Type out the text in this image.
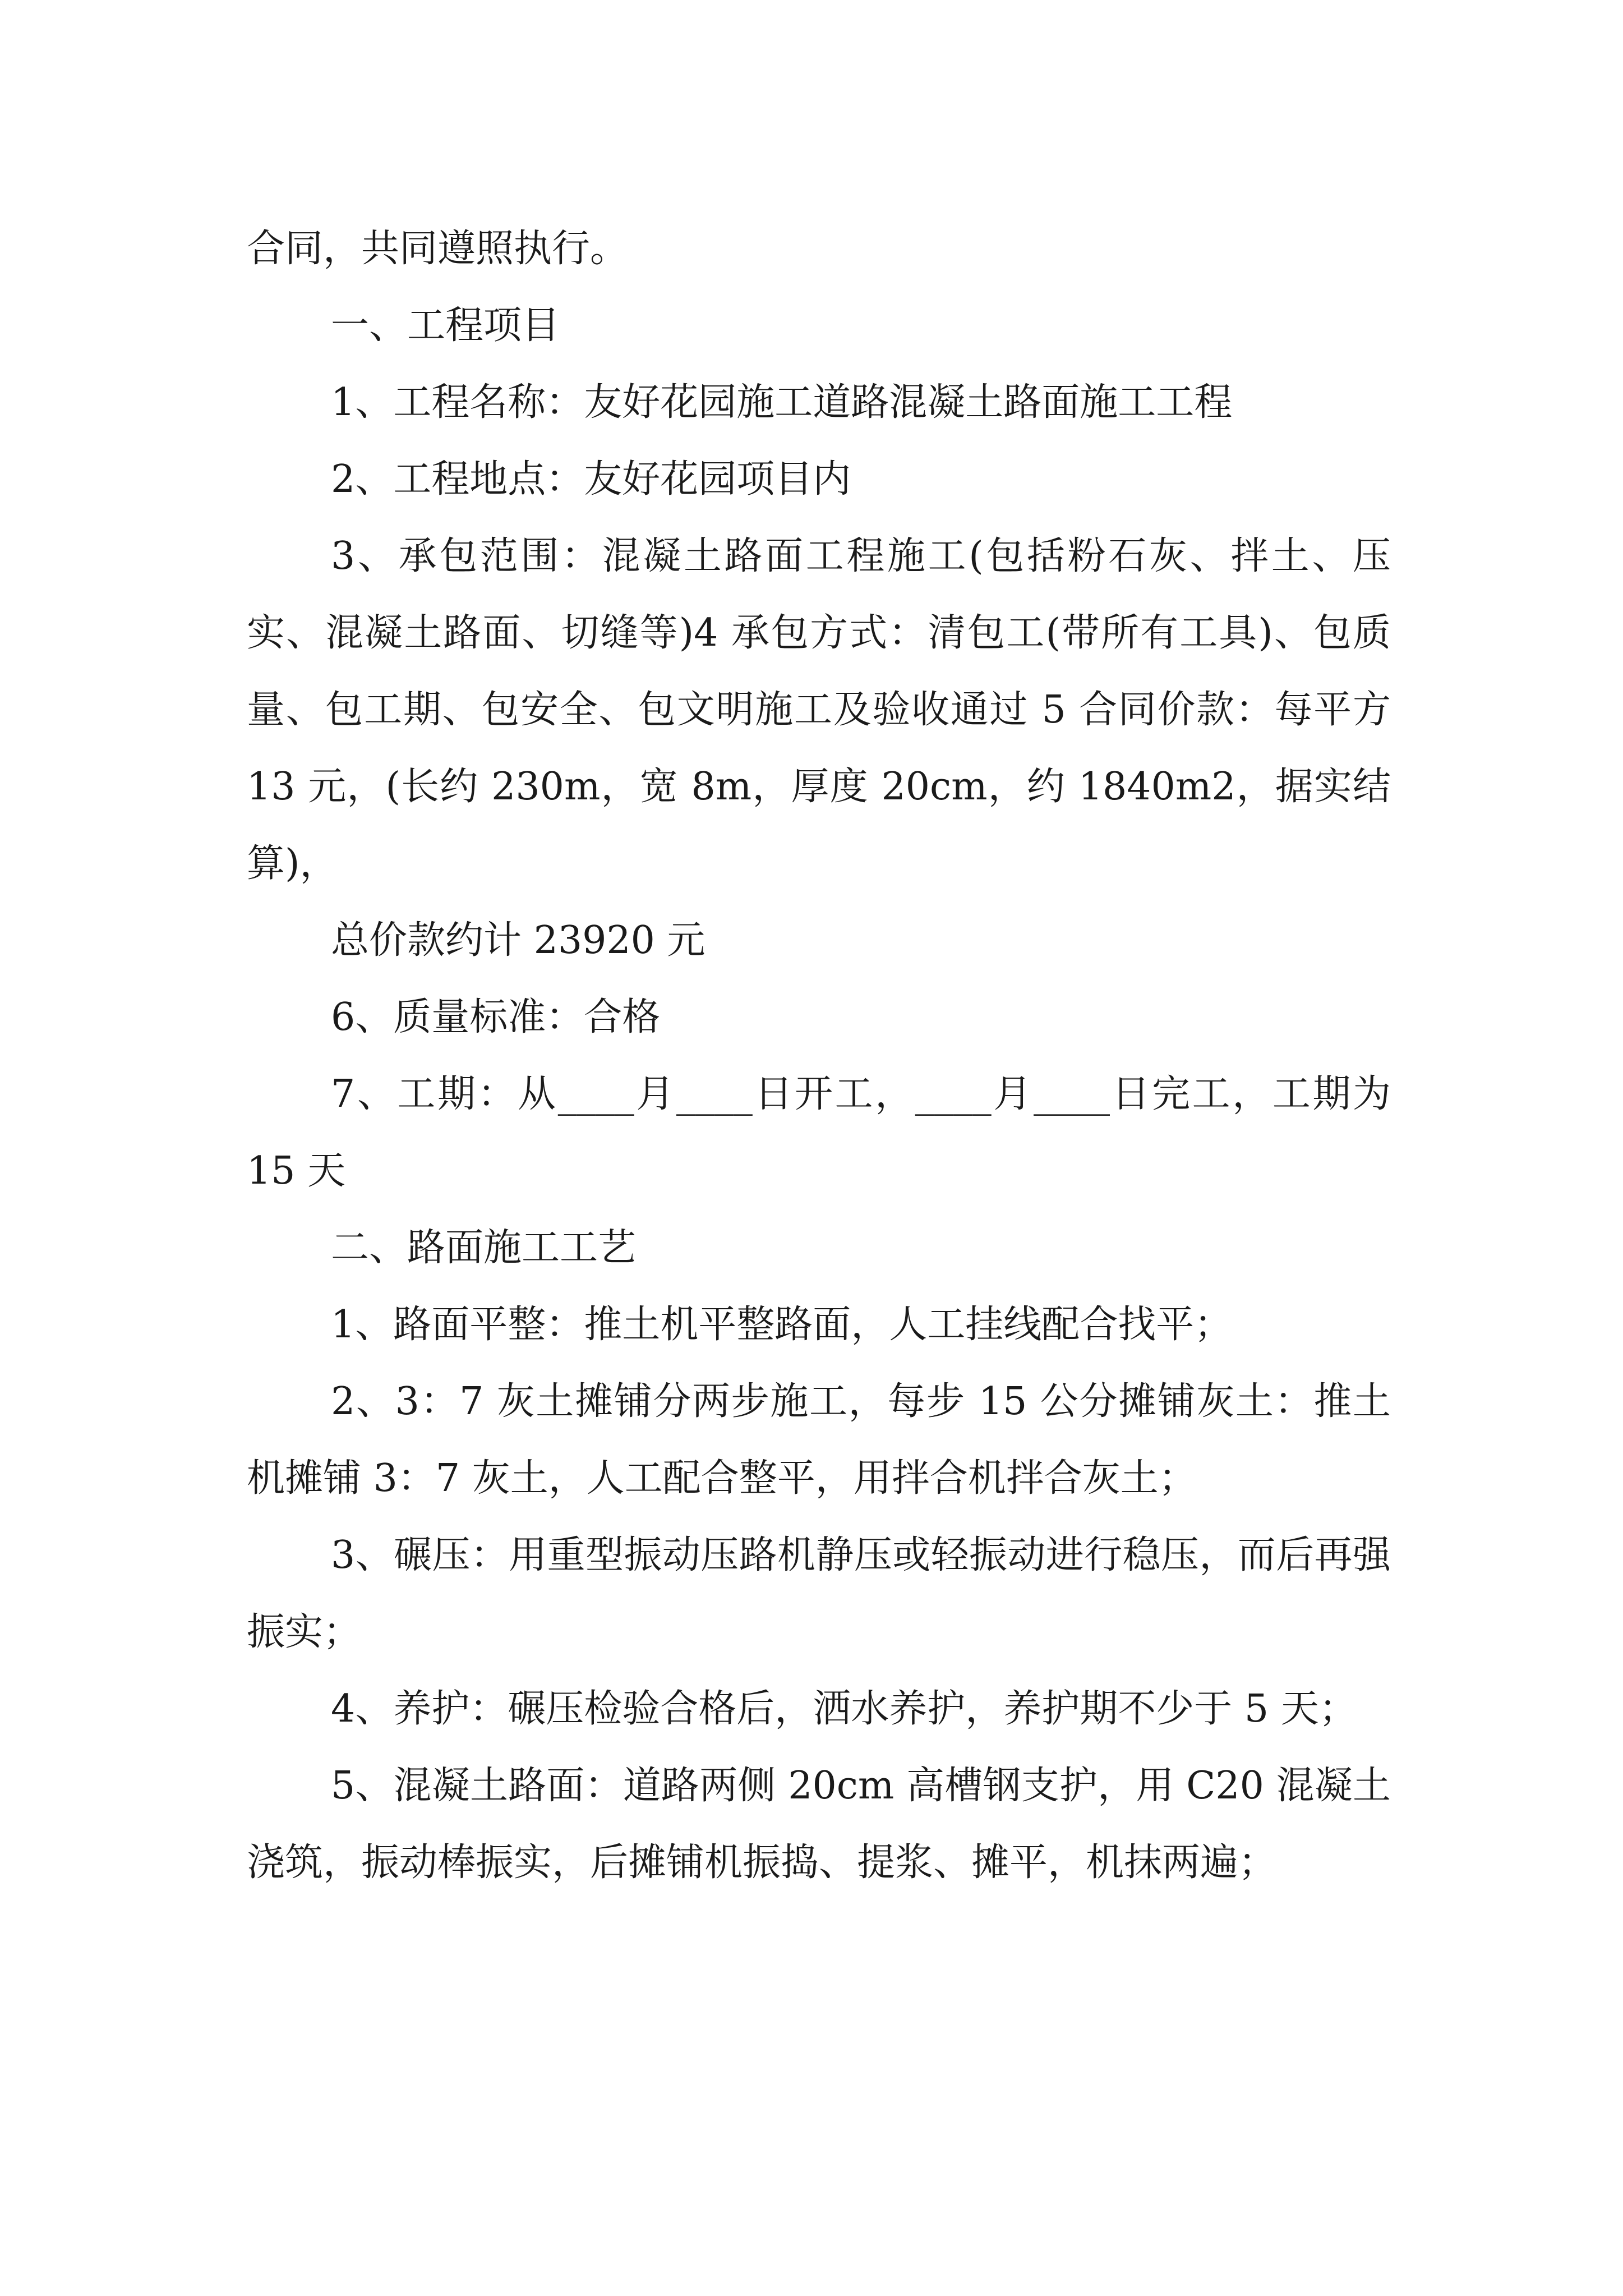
合同，共同遵照执行。

一、工程项目

1、工程名称：友好花园施工道路混凝土路面施工工程

2、工程地点：友好花园项目内

3、承包范围：混凝土路面工程施工(包括粉石灰、拌土、压实、混凝土路面、切缝等)4 承包方式：清包工(带所有工具)、包质量、包工期、包安全、包文明施工及验收通过 5 合同价款：每平方 13 元，(长约 230m，宽 8m，厚度 20cm，约 1840m2，据实结算)，

总价款约计 23920 元

6、质量标准：合格

7、工期：从____月____日开工，____月____日完工，工期为 15 天

二、路面施工工艺

1、路面平整：推土机平整路面，人工挂线配合找平；

2、3：7 灰土摊铺分两步施工，每步 15 公分摊铺灰土：推土机摊铺 3：7 灰土，人工配合整平，用拌合机拌合灰土；

3、碾压：用重型振动压路机静压或轻振动进行稳压，而后再强振实；

4、养护：碾压检验合格后，洒水养护，养护期不少于 5 天；

5、混凝土路面：道路两侧 20cm 高槽钢支护，用 C20 混凝土浇筑，振动棒振实，后摊铺机振捣、提浆、摊平，机抹两遍；
